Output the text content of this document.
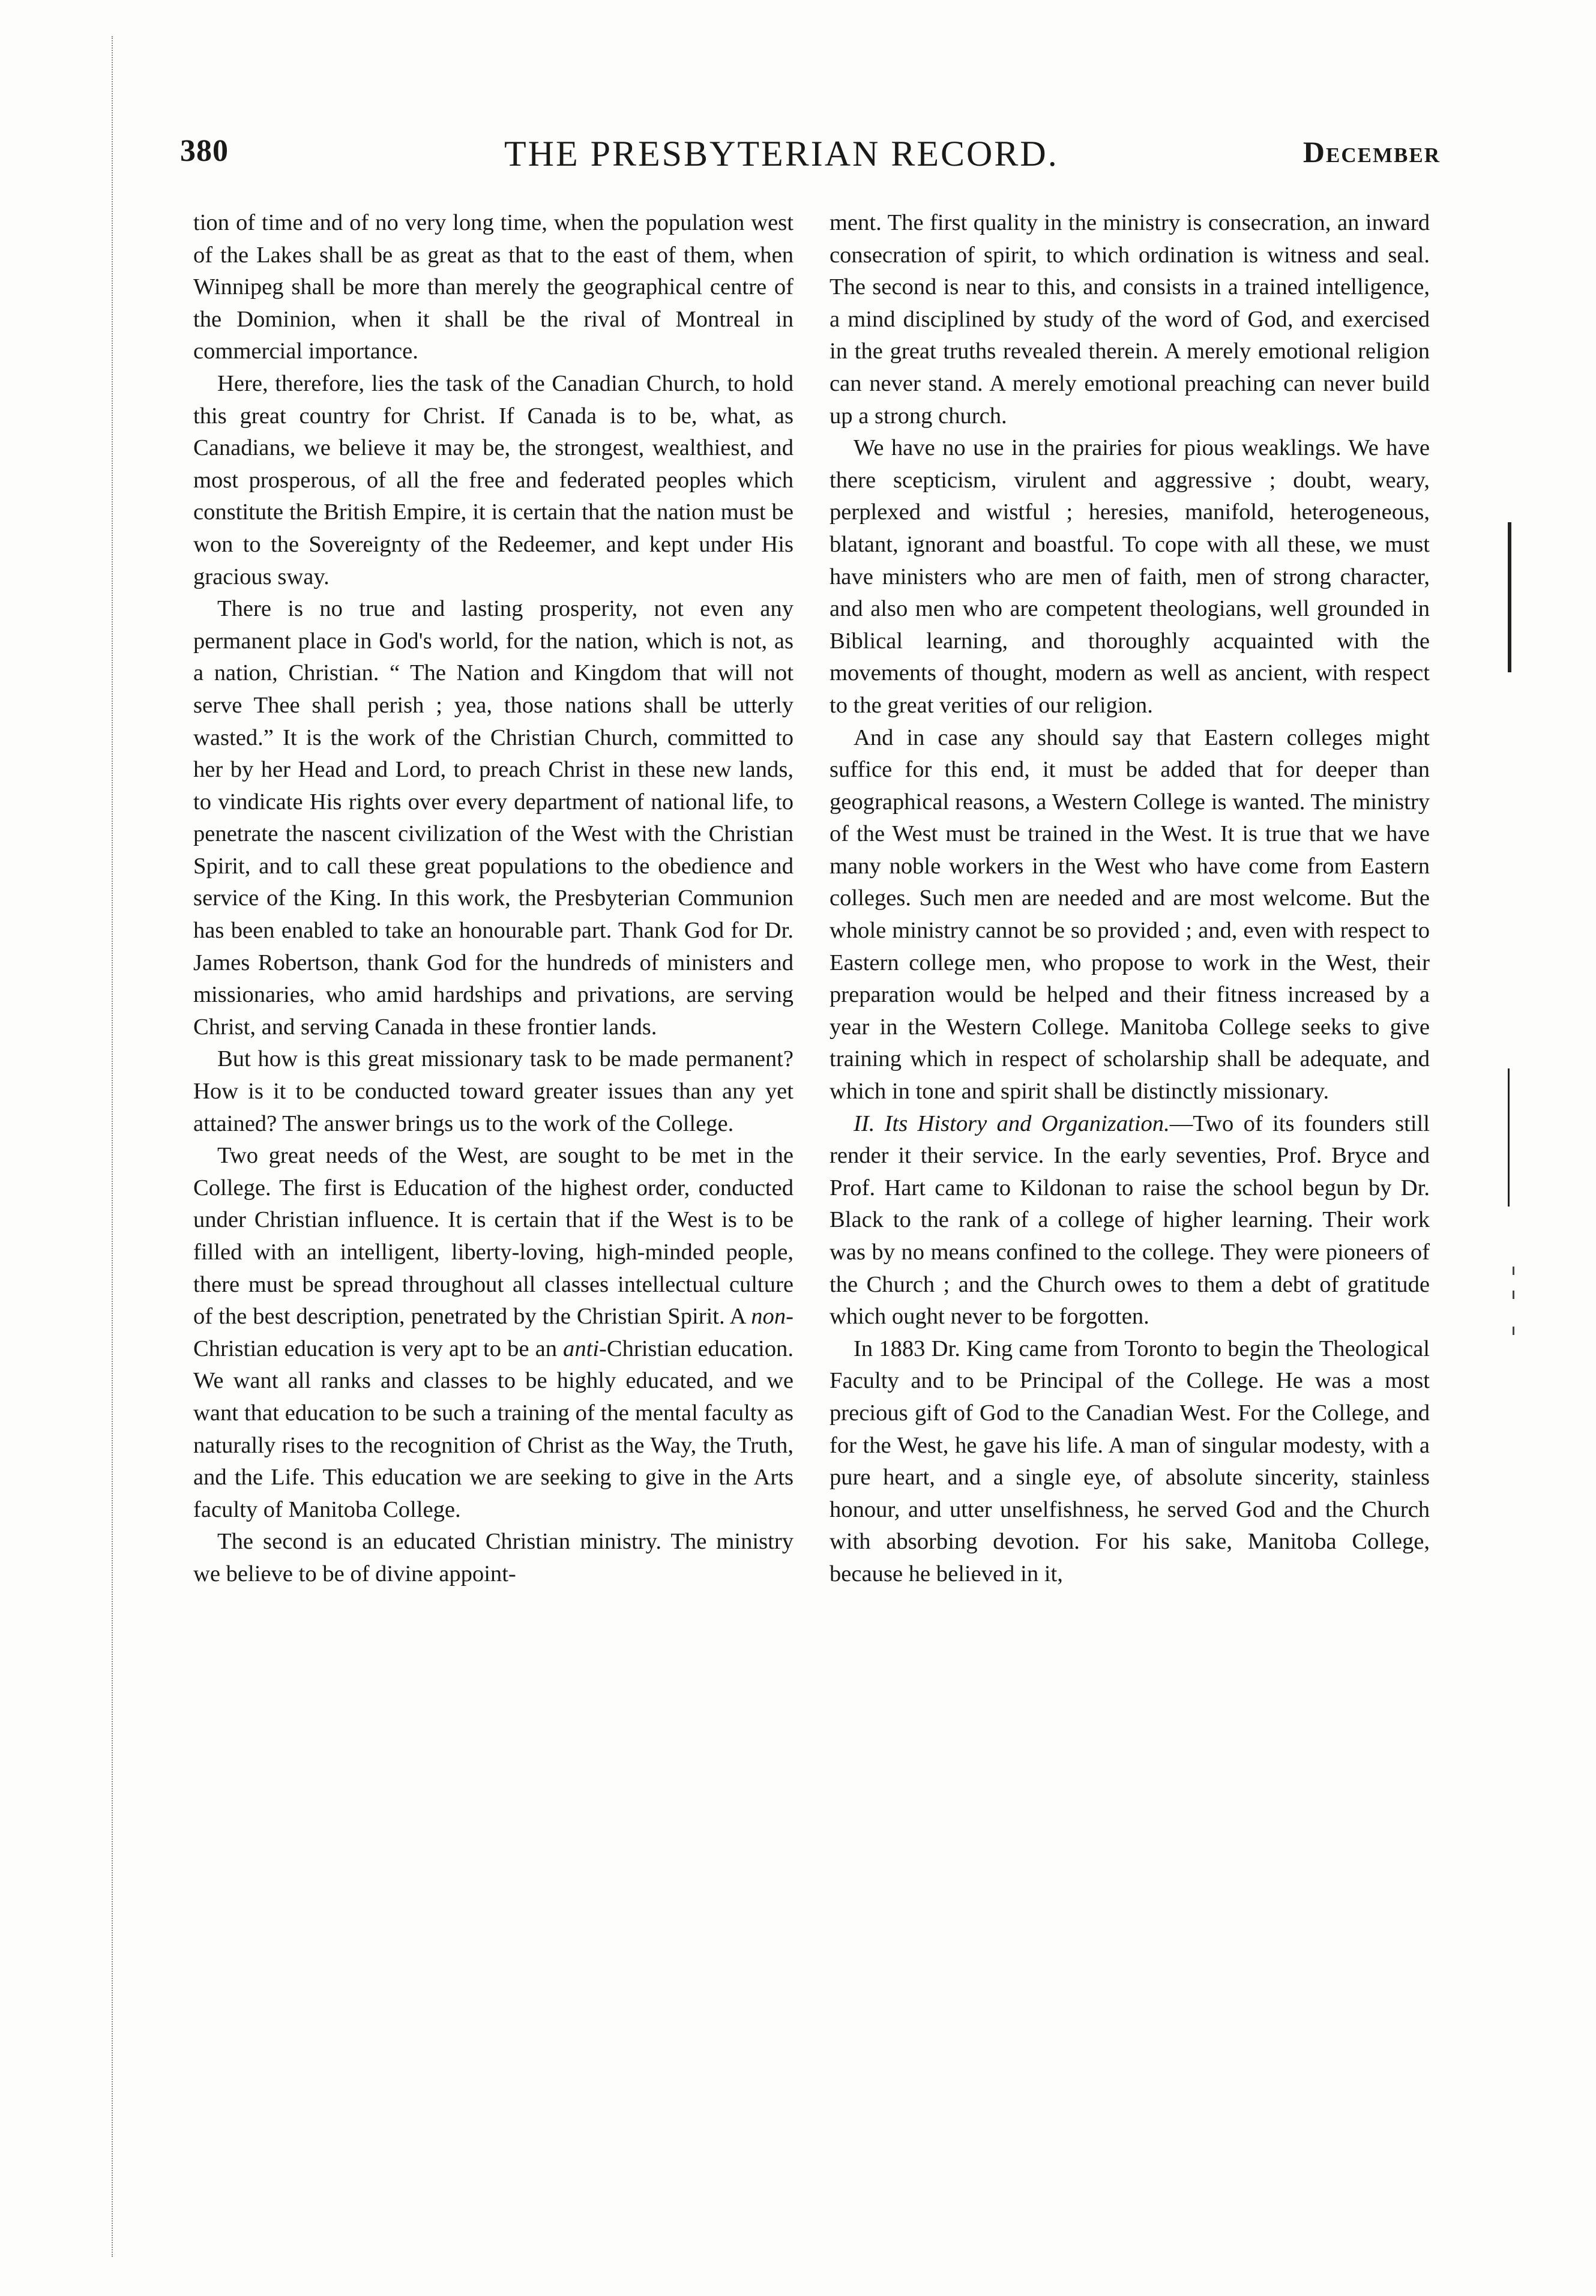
380	THE PRESBYTERIAN RECORD.	December

tion of time and of no very long time, when the population west of the Lakes shall be as great as that to the east of them, when Winnipeg shall be more than merely the geographical centre of the Dominion, when it shall be the rival of Montreal in commercial importance.

Here, therefore, lies the task of the Canadian Church, to hold this great country for Christ. If Canada is to be, what, as Canadians, we believe it may be, the strongest, wealthiest, and most prosperous, of all the free and federated peoples which constitute the British Empire, it is certain that the nation must be won to the Sovereignty of the Redeemer, and kept under His gracious sway.

There is no true and lasting prosperity, not even any permanent place in God's world, for the nation, which is not, as a nation, Christian. “ The Nation and Kingdom that will not serve Thee shall perish ; yea, those nations shall be utterly wasted.” It is the work of the Christian Church, committed to her by her Head and Lord, to preach Christ in these new lands, to vindicate His rights over every department of national life, to penetrate the nascent civilization of the West with the Christian Spirit, and to call these great populations to the obedience and service of the King. In this work, the Presbyterian Communion has been enabled to take an honourable part. Thank God for Dr. James Robertson, thank God for the hundreds of ministers and missionaries, who amid hardships and privations, are serving Christ, and serving Canada in these frontier lands.

But how is this great missionary task to be made permanent? How is it to be conducted toward greater issues than any yet attained? The answer brings us to the work of the College.

Two great needs of the West, are sought to be met in the College. The first is Education of the highest order, conducted under Christian influence. It is certain that if the West is to be filled with an intelligent, liberty-loving, high-minded people, there must be spread throughout all classes intellectual culture of the best description, penetrated by the Christian Spirit. A non-Christian education is very apt to be an anti-Christian education. We want all ranks and classes to be highly educated, and we want that education to be such a training of the mental faculty as naturally rises to the recognition of Christ as the Way, the Truth, and the Life. This education we are seeking to give in the Arts faculty of Manitoba College.

The second is an educated Christian ministry. The ministry we believe to be of divine appoint-

ment. The first quality in the ministry is consecration, an inward consecration of spirit, to which ordination is witness and seal. The second is near to this, and consists in a trained intelligence, a mind disciplined by study of the word of God, and exercised in the great truths revealed therein. A merely emotional religion can never stand. A merely emotional preaching can never build up a strong church.

We have no use in the prairies for pious weaklings. We have there scepticism, virulent and aggressive ; doubt, weary, perplexed and wistful ; heresies, manifold, heterogeneous, blatant, ignorant and boastful. To cope with all these, we must have ministers who are men of faith, men of strong character, and also men who are competent theologians, well grounded in Biblical learning, and thoroughly acquainted with the movements of thought, modern as well as ancient, with respect to the great verities of our religion.

And in case any should say that Eastern colleges might suffice for this end, it must be added that for deeper than geographical reasons, a Western College is wanted. The ministry of the West must be trained in the West. It is true that we have many noble workers in the West who have come from Eastern colleges. Such men are needed and are most welcome. But the whole ministry cannot be so provided ; and, even with respect to Eastern college men, who propose to work in the West, their preparation would be helped and their fitness increased by a year in the Western College. Manitoba College seeks to give training which in respect of scholarship shall be adequate, and which in tone and spirit shall be distinctly missionary.

II. Its History and Organization.—Two of its founders still render it their service. In the early seventies, Prof. Bryce and Prof. Hart came to Kildonan to raise the school begun by Dr. Black to the rank of a college of higher learning. Their work was by no means confined to the college. They were pioneers of the Church ; and the Church owes to them a debt of gratitude which ought never to be forgotten.

In 1883 Dr. King came from Toronto to begin the Theological Faculty and to be Principal of the College. He was a most precious gift of God to the Canadian West. For the College, and for the West, he gave his life. A man of singular modesty, with a pure heart, and a single eye, of absolute sincerity, stainless honour, and utter unselfishness, he served God and the Church with absorbing devotion. For his sake, Manitoba College, because he believed in it,
